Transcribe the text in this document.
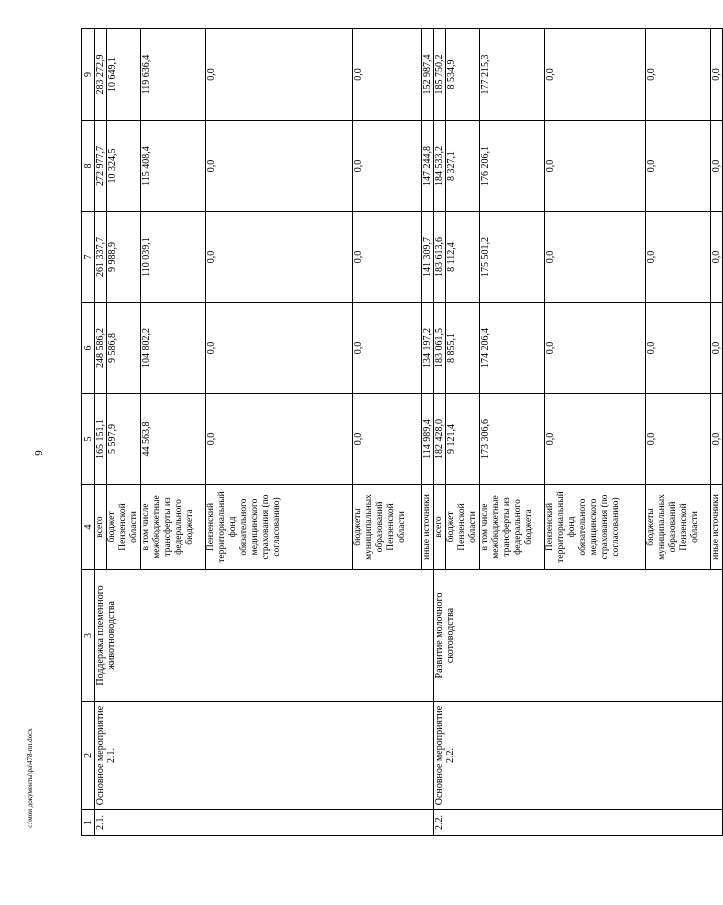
6
c:\мои документы\ра\478-пп.docx	1	2	3	4	5	6	7	8	9
2.1.	Основное мероприятие 2.1.	Поддержка племенного животноводства	всего	165 151,1	248 586,2	261 337,7	272 977,7	283 272,9
			бюджет Пензенской области	5 597,9	9 586,8	9 988,9	10 324,5	10 649,1
			в том числе межбюджетные трансферты из федерального бюджета	44 563,8	104 802,2	110 039,1	115 408,4	119 636,4
			Пензенский территориальный фонд обязательного медицинского страхования (по согласованию)	0,0	0,0	0,0	0,0	0,0
			бюджеты муниципальных образований Пензенской области	0,0	0,0	0,0	0,0	0,0
			иные источники	114 989,4	134 197,2	141 309,7	147 244,8	152 987,4
2.2.	Основное мероприятие 2.2.	Развитие молочного скотоводства	всего	182 428,0	183 061,5	183 613,6	184 533,2	185 750,2
			бюджет Пензенской области	9 121,4	8 855,1	8 112,4	8 327,1	8 534,9
			в том числе межбюджетные трансферты из федерального бюджета	173 306,6	174 206,4	175 501,2	176 206,1	177 215,3
			Пензенский территориальный фонд обязательного медицинского страхования (по согласованию)	0,0	0,0	0,0	0,0	0,0
			бюджеты муниципальных образований Пензенской области	0,0	0,0	0,0	0,0	0,0
			иные источники	0,0	0,0	0,0	0,0	0,0
